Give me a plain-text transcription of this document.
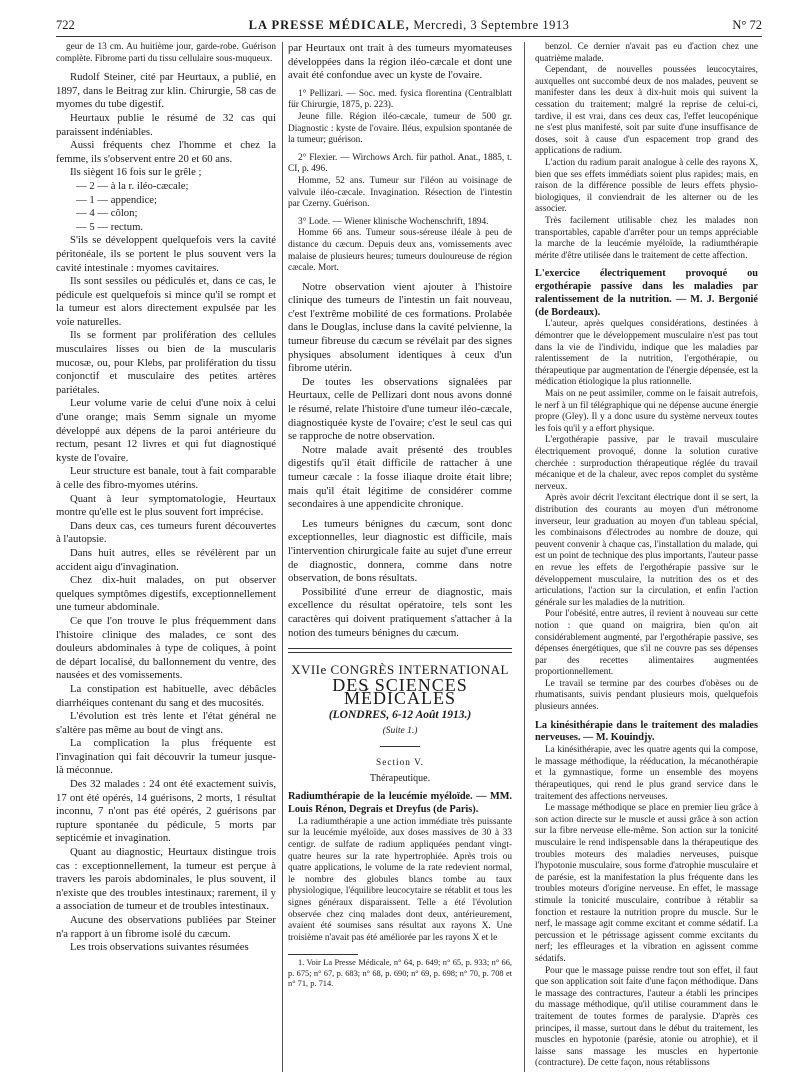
722	LA PRESSE MÉDICALE, Mercredi, 3 Septembre 1913	N° 72

geur de 13 cm. Au huitième jour, garde-robe. Guérison complète. Fibrome parti du tissu cellulaire sous-muqueux.

Rudolf Steiner, cité par Heurtaux, a publié, en 1897, dans le Beitrag zur klin. Chirurgie, 58 cas de myomes du tube digestif.

Heurtaux publie le résumé de 32 cas qui paraissent indéniables.

Aussi fréquents chez l'homme et chez la femme, ils s'observent entre 20 et 60 ans.

Ils siègent 16 fois sur le grêle ;

— 2 — à la r. iléo-cæcale;
— 1 — appendice;
— 4 — côlon;
— 5 — rectum.

S'ils se développent quelquefois vers la cavité péritonéale, ils se portent le plus souvent vers la cavité intestinale : myomes cavitaires.

Ils sont sessiles ou pédiculés et, dans ce cas, le pédicule est quelquefois si mince qu'il se rompt et la tumeur est alors directement expulsée par les voie naturelles.

Ils se forment par prolifération des cellules musculaires lisses ou bien de la muscularis mucosæ, ou, pour Klebs, par prolifération du tissu conjonctif et musculaire des petites artères pariétales.

Leur volume varie de celui d'une noix à celui d'une orange; mais Semm signale un myome développé aux dépens de la paroi antérieure du rectum, pesant 12 livres et qui fut diagnostiqué kyste de l'ovaire.

Leur structure est banale, tout à fait comparable à celle des fibro-myomes utérins.

Quant à leur symptomatologie, Heurtaux montre qu'elle est le plus souvent fort imprécise.

Dans deux cas, ces tumeurs furent découvertes à l'autopsie.

Dans huit autres, elles se révélèrent par un accident aigu d'invagination.

Chez dix-huit malades, on put observer quelques symptômes digestifs, exceptionnellement une tumeur abdominale.

Ce que l'on trouve le plus fréquemment dans l'histoire clinique des malades, ce sont des douleurs abdominales à type de coliques, à point de départ localisé, du ballonnement du ventre, des nausées et des vomissements.

La constipation est habituelle, avec débâcles diarrhéiques contenant du sang et des mucosités.

L'évolution est très lente et l'état général ne s'altère pas même au bout de vingt ans.

La complication la plus fréquente est l'invagination qui fait découvrir la tumeur jusque-là méconnue.

Des 32 malades : 24 ont été exactement suivis, 17 ont été opérés, 14 guérisons, 2 morts, 1 résultat inconnu, 7 n'ont pas été opérés, 2 guérisons par rupture spontanée du pédicule, 5 morts par septicémie et invagination.

Quant au diagnostic, Heurtaux distingue trois cas : exceptionnellement, la tumeur est perçue à travers les parois abdominales, le plus souvent, il n'existe que des troubles intestinaux; rarement, il y a association de tumeur et de troubles intestinaux.

Aucune des observations publiées par Steiner n'a rapport à un fibrome isolé du cæcum.

Les trois observations suivantes résumées

par Heurtaux ont trait à des tumeurs myomateuses développées dans la région iléo-cæcale et dont une avait été confondue avec un kyste de l'ovaire.

1° Pellizari. — Soc. med. fysica florentina (Centralblatt für Chirurgie, 1875, p. 223).

Jeune fille. Région iléo-cæcale, tumeur de 500 gr. Diagnostic : kyste de l'ovaire. Iléus, expulsion spontanée de la tumeur; guérison.

2° Flexier. — Wirchows Arch. für pathol. Anat., 1885, t. CI, p. 496.

Homme, 52 ans. Tumeur sur l'iléon au voisinage de valvule iléo-cæcale. Invagination. Résection de l'intestin par Czerny. Guérison.

3° Lode. — Wiener klinische Wochenschrift, 1894.

Homme 66 ans. Tumeur sous-séreuse iléale à peu de distance du cæcum. Depuis deux ans, vomissements avec malaise de plusieurs heures; tumeurs douloureuse de région cæcale. Mort.

Notre observation vient ajouter à l'histoire clinique des tumeurs de l'intestin un fait nouveau, c'est l'extrême mobilité de ces formations. Prolabée dans le Douglas, incluse dans la cavité pelvienne, la tumeur fibreuse du cæcum se révélait par des signes physiques absolument identiques à ceux d'un fibrome utérin.

De toutes les observations signalées par Heurtaux, celle de Pellizari dont nous avons donné le résumé, relate l'histoire d'une tumeur iléo-cæcale, diagnostiquée kyste de l'ovaire; c'est le seul cas qui se rapproche de notre observation.

Notre malade avait présenté des troubles digestifs qu'il était difficile de rattacher à une tumeur cæcale : la fosse iliaque droite était libre; mais qu'il était légitime de considérer comme secondaires à une appendicite chronique.

Les tumeurs bénignes du cæcum, sont donc exceptionnelles, leur diagnostic est difficile, mais l'intervention chirurgicale faite au sujet d'une erreur de diagnostic, donnera, comme dans notre observation, de bons résultats.

Possibilité d'une erreur de diagnostic, mais excellence du résultat opératoire, tels sont les caractères qui doivent pratiquement s'attacher à la notion des tumeurs bénignes du cæcum.

XVIIe CONGRÈS INTERNATIONAL
DES SCIENCES MÉDICALES
(LONDRES, 6-12 Août 1913.)
(Suite 1.)
Section V.
Thérapeutique.

Radiumthérapie de la leucémie myéloïde. — MM. Louis Rénon, Degrais et Dreyfus (de Paris).

La radiumthérapie a une action immédiate très puissante sur la leucémie myéloïde, aux doses massives de 30 à 33 centigr. de sulfate de radium appliquées pendant vingt-quatre heures sur la rate hypertrophiée. Après trois ou quatre applications, le volume de la rate redevient normal, le nombre des globules blancs tombe au taux physiologique, l'équilibre leucocytaire se rétablit et tous les signes généraux disparaissent. Telle a été l'évolution observée chez cinq malades dont deux, antérieurement, avaient été soumises sans résultat aux rayons X. Une troisième n'avait pas été améliorée par les rayons X et le

1. Voir La Presse Médicale, n° 64, p. 649; n° 65, p. 933; n° 66, p. 675; n° 67, p. 683; n° 68, p. 690; n° 69, p. 698; n° 70, p. 708 et n° 71, p. 714.

benzol. Ce dernier n'avait pas eu d'action chez une quatrième malade.

Cependant, de nouvelles poussées leucocytaires, auxquelles ont succombé deux de nos malades, peuvent se manifester dans les deux à dix-huit mois qui suivent la cessation du traitement; malgré la reprise de celui-ci, tardive, il est vrai, dans ces deux cas, l'effet leucopénique ne s'est plus manifesté, soit par suite d'une insuffisance de doses, soit à cause d'un espacement trop grand des applications de radium.

L'action du radium parait analogue à celle des rayons X, bien que ses effets immédiats soient plus rapides; mais, en raison de la différence possible de leurs effets physio-biologiques, il conviendrait de les alterner ou de les associer.

Très facilement utilisable chez les malades non transportables, capable d'arrêter pour un temps appréciable la marche de la leucémie myéloïde, la radiumthérapie mérite d'être utilisée dans le traitement de cette affection.

L'exercice électriquement provoqué ou ergothérapie passive dans les maladies par ralentissement de la nutrition. — M. J. Bergonié (de Bordeaux).

L'auteur, après quelques considérations, destinées à démontrer que le développement musculaire n'est pas tout dans la vie de l'individu, indique que les maladies par ralentissement de la nutrition, l'ergothérapie, ou thérapeutique par augmentation de l'énergie dépensée, est la médication étiologique la plus rationnelle.

Mais on ne peut assimiler, comme on le faisait autrefois, le nerf à un fil télégraphique qui ne dépense aucune énergie propre (Gley). Il y a donc usure du système nerveux toutes les fois qu'il y a effort physique.

L'ergothérapie passive, par le travail musculaire électriquement provoqué, donne la solution curative cherchée : surproduction thérapeutique réglée du travail mécanique et de la chaleur, avec repos complet du système nerveux.

Après avoir décrit l'excitant électrique dont il se sert, la distribution des courants au moyen d'un métronome inverseur, leur graduation au moyen d'un tableau spécial, les combinaisons d'électrodes au nombre de douze, qui peuvent convenir à chaque cas, l'installation du malade, qui est un point de technique des plus importants, l'auteur passe en revue les effets de l'ergothérapie passive sur le développement musculaire, la nutrition des os et des articulations, l'action sur la circulation, et enfin l'action générale sur les maladies de la nutrition.

Pour l'obésité, entre autres, il revient à nouveau sur cette notion : que quand on maigrira, bien qu'on ait considérablement augmenté, par l'ergothérapie passive, ses dépenses énergétiques, que s'il ne couvre pas ses dépenses par des recettes alimentaires augmentées proportionnellement.

Le travail se termine par des courbes d'obèses ou de rhumatisants, suivis pendant plusieurs mois, quelquefois plusieurs années.

La kinésithérapie dans le traitement des maladies nerveuses. — M. Kouindjy.

La kinésithérapie, avec les quatre agents qui la compose, le massage méthodique, la rééducation, la mécanothérapie et la gymnastique, forme un ensemble des moyens thérapeutiques, qui rend le plus grand service dans le traitement des affections nerveuses.

Le massage méthodique se place en premier lieu grâce à son action directe sur le muscle et aussi grâce à son action sur la fibre nerveuse elle-même. Son action sur la tonicité musculaire le rend indispensable dans la thérapeutique des troubles moteurs des maladies nerveuses, puisque l'hypotonie musculaire, sous forme d'atrophie musculaire et de parésie, est la manifestation la plus fréquente dans les troubles moteurs d'origine nerveuse. En effet, le massage stimule la tonicité musculaire, contribue à rétablir sa fonction et restaure la nutrition propre du muscle. Sur le nerf, le massage agit comme excitant et comme sédatif. La percussion et le pétrissage agissent comme excitants du nerf; les effleurages et la vibration en agissent comme sédatifs.

Pour que le massage puisse rendre tout son effet, il faut que son application soit faite d'une façon méthodique. Dans le massage des contractures, l'auteur a établi les principes du massage méthodique, qu'il utilise couramment dans le traitement de toutes formes de paralysie. D'après ces principes, il masse, surtout dans le début du traitement, les muscles en hypotonie (parésie, atonie ou atrophie), et il laisse sans massage les muscles en hypertonie (contracture). De cette façon, nous rétablissons
